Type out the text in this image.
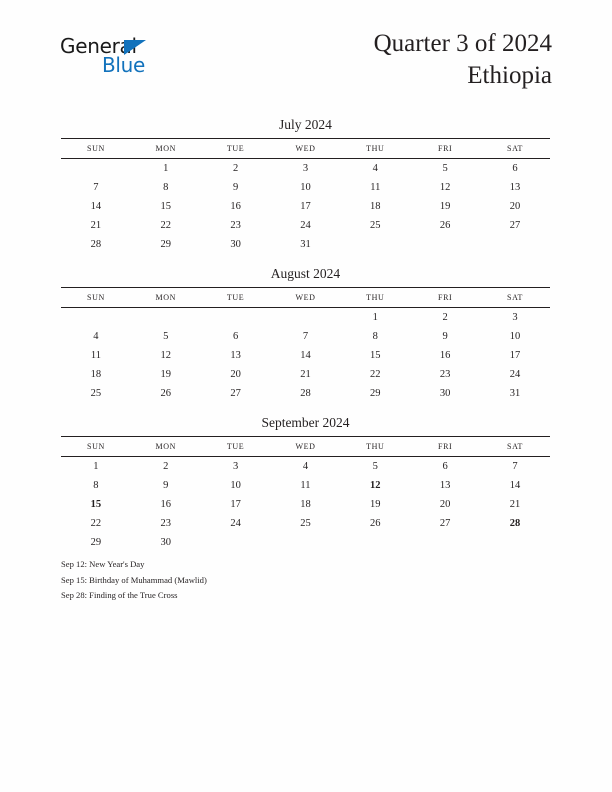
General
Blue
Quarter 3 of 2024
Ethiopia
July 2024
SUN	MON	TUE	WED	THU	FRI	SAT
	1	2	3	4	5	6
7	8	9	10	11	12	13
14	15	16	17	18	19	20
21	22	23	24	25	26	27
28	29	30	31			
August 2024
SUN	MON	TUE	WED	THU	FRI	SAT
				1	2	3
4	5	6	7	8	9	10
11	12	13	14	15	16	17
18	19	20	21	22	23	24
25	26	27	28	29	30	31
September 2024
SUN	MON	TUE	WED	THU	FRI	SAT
1	2	3	4	5	6	7
8	9	10	11	12	13	14
15	16	17	18	19	20	21
22	23	24	25	26	27	28
29	30					
Sep 12: New Year's Day
Sep 15: Birthday of Muhammad (Mawlid)
Sep 28: Finding of the True Cross
